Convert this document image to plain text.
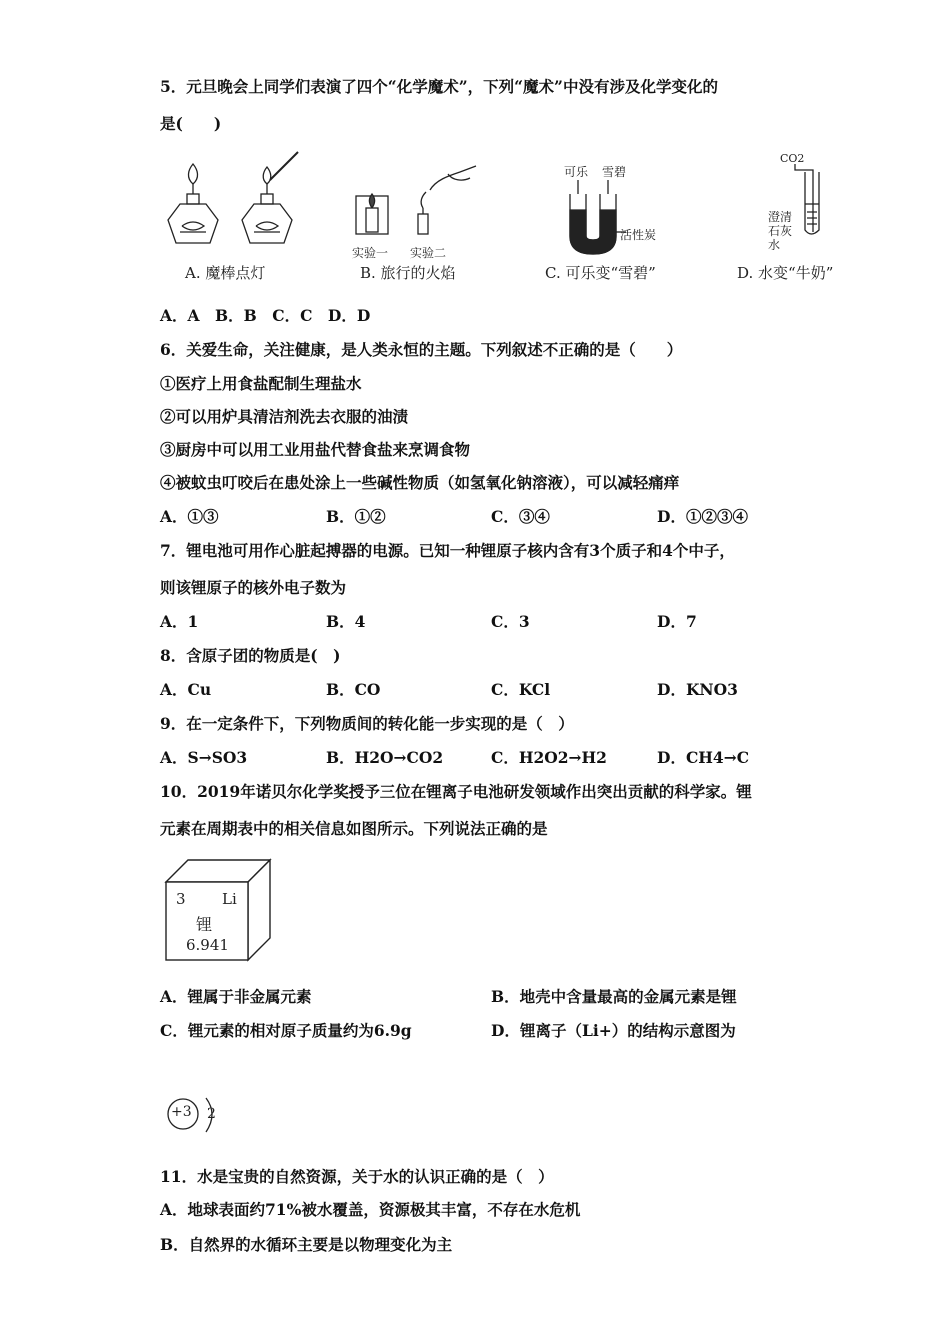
5．元旦晚会上同学们表演了四个“化学魔术”，下列“魔术”中没有涉及化学变化的
是(　　)
A. 魔棒点灯
实验一 实验二
B. 旅行的火焰
可乐 雪碧
活性炭
C. 可乐变“雪碧”
CO2
澄清石灰水
D. 水变“牛奶”
A．A　B．B　C．C　D．D
6．关爱生命，关注健康，是人类永恒的主题。下列叙述不正确的是（　　）
①医疗上用食盐配制生理盐水
②可以用炉具清洁剂洗去衣服的油渍
③厨房中可以用工业用盐代替食盐来烹调食物
④被蚊虫叮咬后在患处涂上一些碱性物质（如氢氧化钠溶液），可以减轻痛痒
A．①③	B．①②	C．③④	D．①②③④
7．锂电池可用作心脏起搏器的电源。已知一种锂原子核内含有3个质子和4个中子，
则该锂原子的核外电子数为
A．1	B．4	C．3	D．7
8．含原子团的物质是(　)
A．Cu	B．CO	C．KCl	D．KNO3
9．在一定条件下，下列物质间的转化能一步实现的是（　）
A．S→SO3	B．H2O→CO2	C．H2O2→H2	D．CH4→C
10．2019年诺贝尔化学奖授予三位在锂离子电池研发领域作出突出贡献的科学家。锂
元素在周期表中的相关信息如图所示。下列说法正确的是
3 Li
锂
6.941
A．锂属于非金属元素	B．地壳中含量最高的金属元素是锂
C．锂元素的相对原子质量约为6.9g	D．锂离子（Li+）的结构示意图为
+3 2
11．水是宝贵的自然资源，关于水的认识正确的是（　）
A．地球表面约71%被水覆盖，资源极其丰富，不存在水危机
B．自然界的水循环主要是以物理变化为主
